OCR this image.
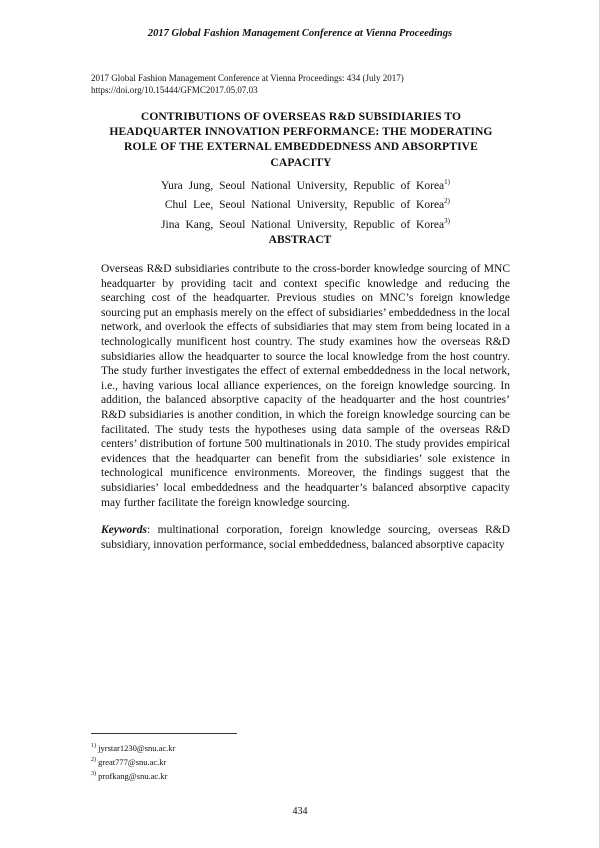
2017 Global Fashion Management Conference at Vienna Proceedings
2017 Global Fashion Management Conference at Vienna Proceedings: 434 (July 2017)
https://doi.org/10.15444/GFMC2017.05.07.03
CONTRIBUTIONS OF OVERSEAS R&D SUBSIDIARIES TO HEADQUARTER INNOVATION PERFORMANCE: THE MODERATING ROLE OF THE EXTERNAL EMBEDDEDNESS AND ABSORPTIVE CAPACITY
Yura Jung, Seoul National University, Republic of Korea$^{1)}$
Chul Lee, Seoul National University, Republic of Korea$^{2)}$
Jina Kang, Seoul National University, Republic of Korea$^{3)}$
ABSTRACT

Overseas R&D subsidiaries contribute to the cross-border knowledge sourcing of MNC headquarter by providing tacit and context specific knowledge and reducing the searching cost of the headquarter. Previous studies on MNC’s foreign knowledge sourcing put an emphasis merely on the effect of subsidiaries’ embeddedness in the local network, and overlook the effects of subsidiaries that may stem from being located in a technologically munificent host country. The study examines how the overseas R&D subsidiaries allow the headquarter to source the local knowledge from the host country. The study further investigates the effect of external embeddedness in the local network, i.e., having various local alliance experiences, on the foreign knowledge sourcing. In addition, the balanced absorptive capacity of the headquarter and the host countries’ R&D subsidiaries is another condition, in which the foreign knowledge sourcing can be facilitated. The study tests the hypotheses using data sample of the overseas R&D centers’ distribution of fortune 500 multinationals in 2010. The study provides empirical evidences that the headquarter can benefit from the subsidiaries’ sole existence in technological munificence environments. Moreover, the findings suggest that the subsidiaries’ local embeddedness and the headquarter’s balanced absorptive capacity may further facilitate the foreign knowledge sourcing.

Keywords: multinational corporation, foreign knowledge sourcing, overseas R&D subsidiary, innovation performance, social embeddedness, balanced absorptive capacity

$^{1)}$ jyrstar1230@snu.ac.kr
$^{2)}$ great777@snu.ac.kr
$^{3)}$ profkang@snu.ac.kr
434
